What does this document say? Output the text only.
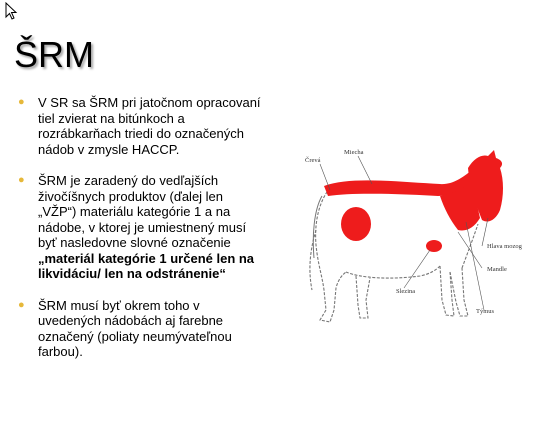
ŠRM
● V SR sa ŠRM pri jatočnom opracovaní tiel zvierat na bitúnkoch a rozrábkarňach triedi do označených nádob v zmysle HACCP.
● ŠRM je zaradený do vedľajších živočíšnych produktov (ďalej len „VŽP“) materiálu kategórie 1 a na nádobe, v ktorej je umiestnený musí byť nasledovne slovné označenie „materiál kategórie 1 určené len na likvidáciu/ len na odstránenie“
● ŠRM musí byť okrem toho v uvedených nádobách aj farebne označený (poliaty neumývateľnou farbou).
Črevá
Miecha
Hlava mozog
Mandle
Slezina
Týmus
